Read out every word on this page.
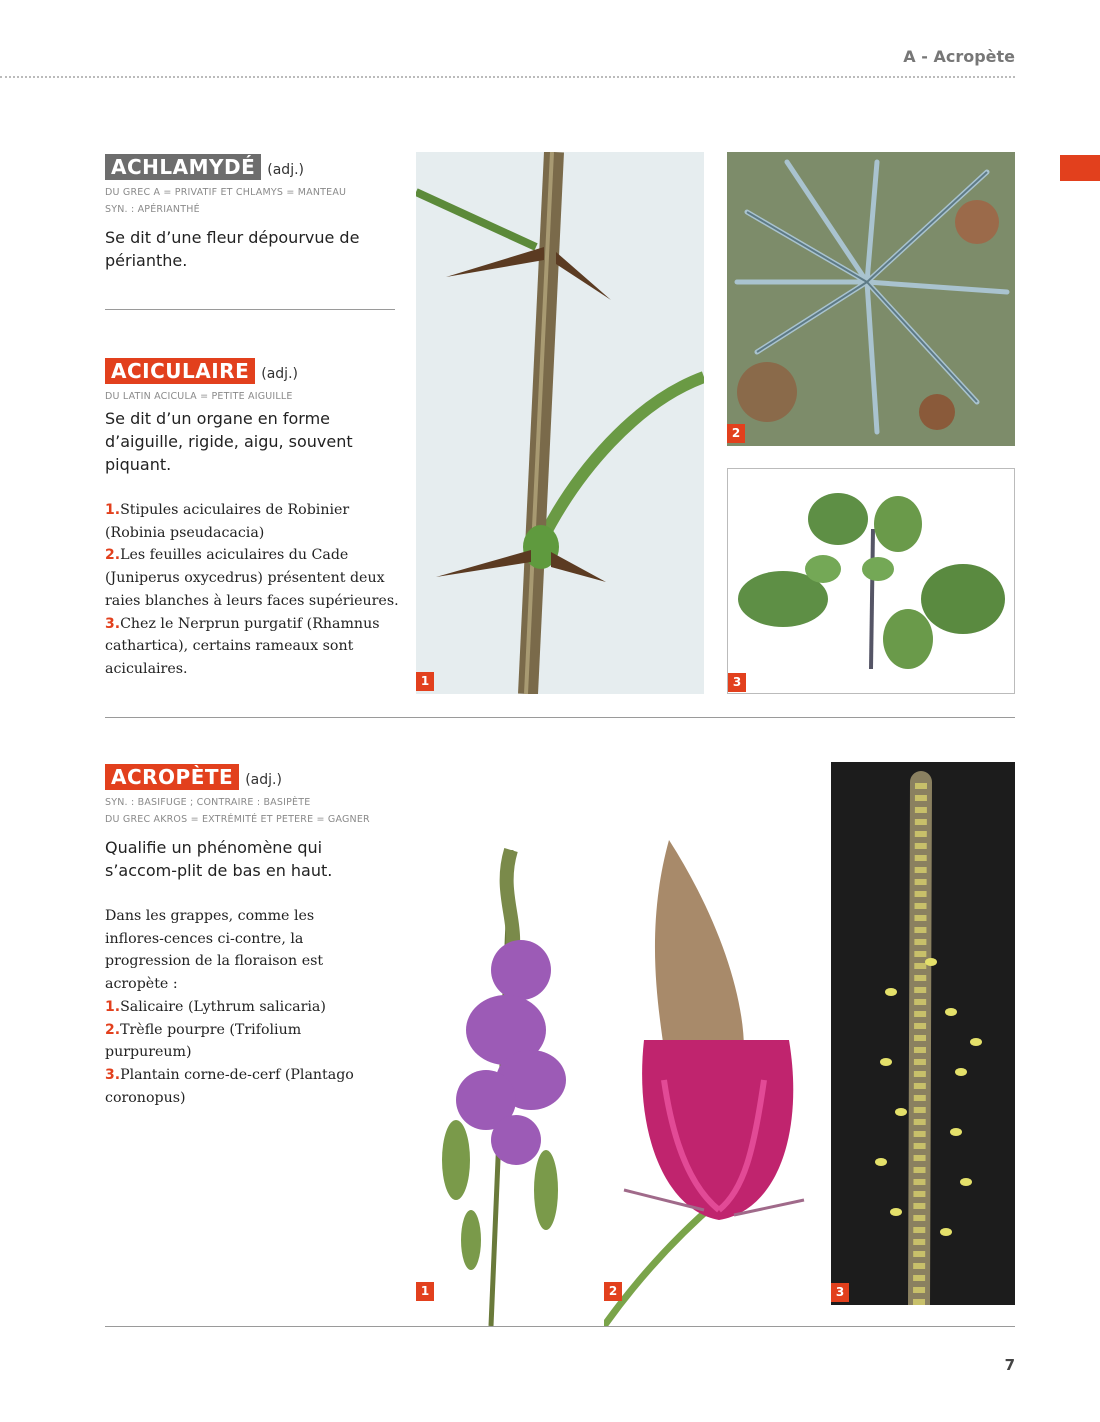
A - Acropète
ACHLAMYDÉ (adj.)
DU GREC A = PRIVATIF ET CHLAMYS = MANTEAU
SYN. : APÉRIANTHÉ
Se dit d’une fleur dépourvue de périanthe.
ACICULAIRE (adj.)
DU LATIN ACICULA = PETITE AIGUILLE
Se dit d’un organe en forme d’aiguille, rigide, aigu, souvent piquant.
1.Stipules aciculaires de Robinier (Robinia pseudacacia)
2.Les feuilles aciculaires du Cade (Juniperus oxycedrus) présentent deux raies blanches à leurs faces supérieures.
3.Chez le Nerprun purgatif (Rhamnus cathartica), certains rameaux sont aciculaires.
1
2
3
ACROPÈTE (adj.)
SYN. : BASIFUGE ; CONTRAIRE : BASIPÈTE
DU GREC AKROS = EXTRÉMITÉ ET PETERE = GAGNER
Qualifie un phénomène qui s’accom-plit de bas en haut.
Dans les grappes, comme les inflores-cences ci-contre, la progression de la floraison est acropète :
1.Salicaire (Lythrum salicaria)
2.Trèfle pourpre (Trifolium purpureum)
3.Plantain corne-de-cerf (Plantago coronopus)
1	2	3
7
